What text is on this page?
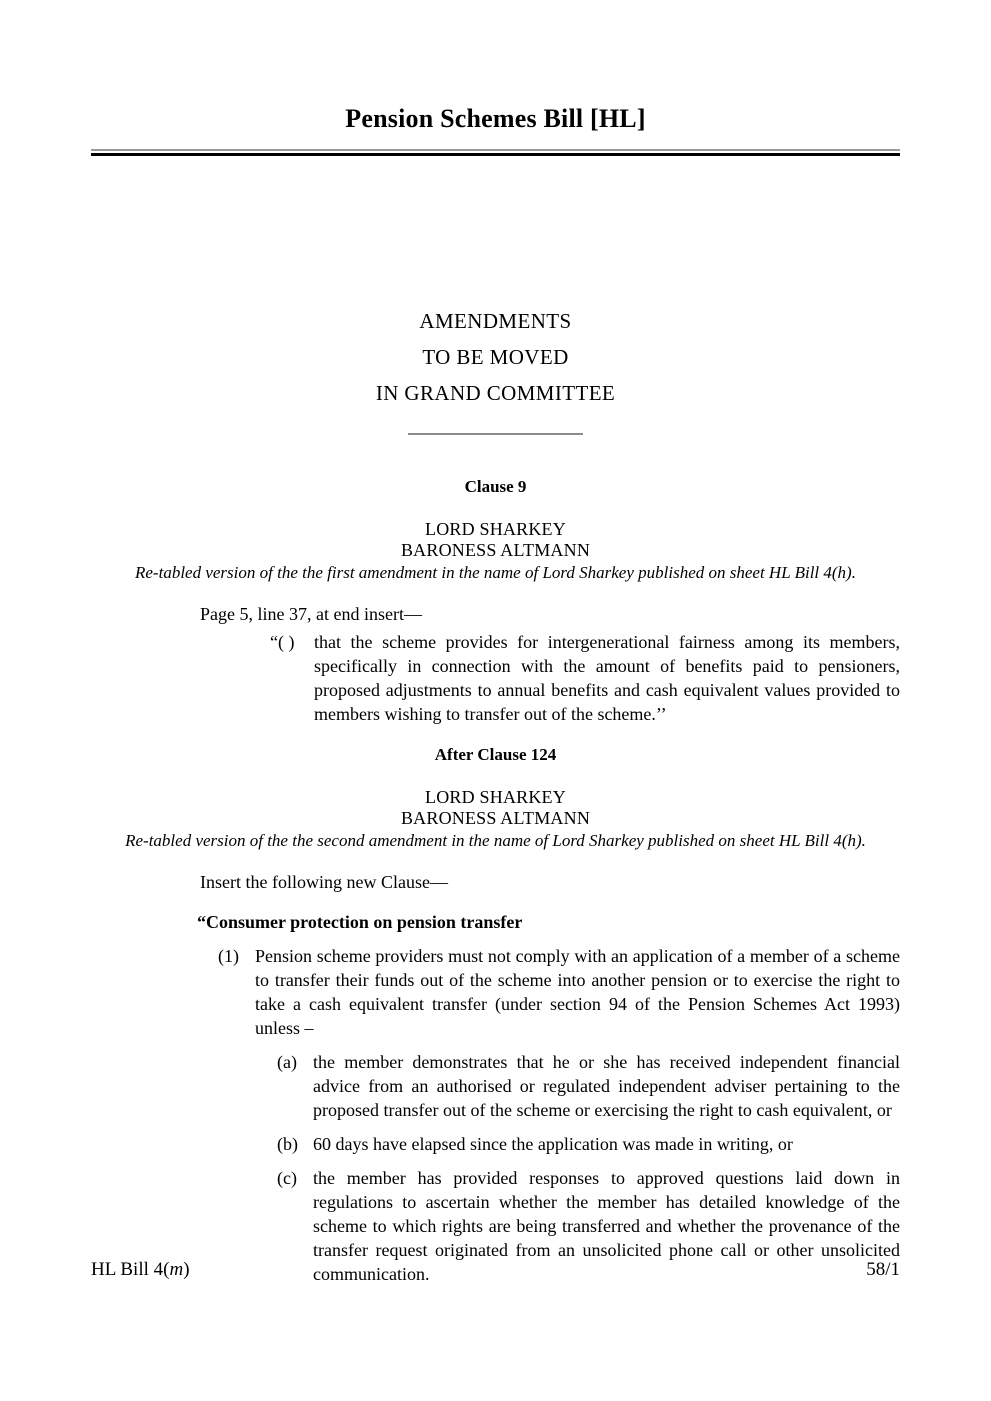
Pension Schemes Bill [HL]
AMENDMENTS
TO BE MOVED
IN GRAND COMMITTEE
Clause 9
LORD SHARKEY
BARONESS ALTMANN
Re-tabled version of the the first amendment in the name of Lord Sharkey published on sheet HL Bill 4(h).
Page 5, line 37, at end insert—
“( ) that the scheme provides for intergenerational fairness among its members, specifically in connection with the amount of benefits paid to pensioners, proposed adjustments to annual benefits and cash equivalent values provided to members wishing to transfer out of the scheme.’’
After Clause 124
LORD SHARKEY
BARONESS ALTMANN
Re-tabled version of the the second amendment in the name of Lord Sharkey published on sheet HL Bill 4(h).
Insert the following new Clause—
“Consumer protection on pension transfer
(1) Pension scheme providers must not comply with an application of a member of a scheme to transfer their funds out of the scheme into another pension or to exercise the right to take a cash equivalent transfer (under section 94 of the Pension Schemes Act 1993) unless –
(a) the member demonstrates that he or she has received independent financial advice from an authorised or regulated independent adviser pertaining to the proposed transfer out of the scheme or exercising the right to cash equivalent, or
(b) 60 days have elapsed since the application was made in writing, or
(c) the member has provided responses to approved questions laid down in regulations to ascertain whether the member has detailed knowledge of the scheme to which rights are being transferred and whether the provenance of the transfer request originated from an unsolicited phone call or other unsolicited communication.
HL Bill 4(m)	58/1
